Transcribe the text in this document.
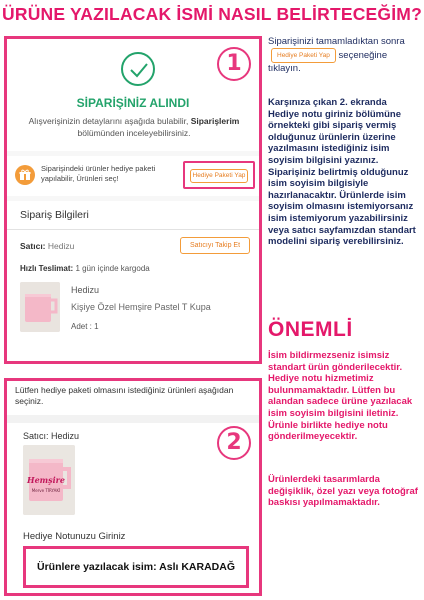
ÜRÜNE YAZILACAK İSMİ NASIL BELİRTECEĞİM?
1
SİPARİŞİNİZ ALINDI
Alışverişinizin detaylarını aşağıda bulabilir, Siparişlerim bölümünden inceleyebilirsiniz.
Siparişindeki ürünler hediye paketi yapılabilir, Ürünleri seç!	Hediye Paketi Yap
Sipariş Bilgileri
Satıcı: Hedizu	Satıcıyı Takip Et
Hızlı Teslimat: 1 gün içinde kargoda
Hedizu
Kişiye Özel Hemşire Pastel T Kupa
Adet : 1
Siparişinizi tamamladıktan sonra Hediye Paketi Yap seçeneğine tıklayın.
Karşınıza çıkan 2. ekranda Hediye notu giriniz bölümüne örnekteki gibi sipariş vermiş olduğunuz ürünlerin üzerine yazılmasını istediğiniz isim soyisim bilgisini yazınız. Siparişiniz belirtmiş olduğunuz isim soyisim bilgisiyle hazırlanacaktır. Ürünlerde isim soyisim olmasını istemiyorsanız isim istemiyorum yazabilirsiniz veya satıcı sayfamızdan standart modelini sipariş verebilirsiniz.
ÖNEMLİ
İsim bildirmezseniz isimsiz standart ürün gönderilecektir. Hediye notu hizmetimiz bulunmamaktadır. Lütfen bu alandan sadece ürüne yazılacak isim soyisim bilgisini iletiniz. Ürünle birlikte hediye notu gönderilmeyecektir.
Ürünlerdeki tasarımlarda değişiklik, özel yazı veya fotoğraf baskısı yapılmamaktadır.
Lütfen hediye paketi olmasını istediğiniz ürünleri aşağıdan seçiniz.
Satıcı: Hedizu	2
Hemşire
Merve TİRYAKİ
Hediye Notunuzu Giriniz
Ürünlere yazılacak isim: Aslı KARADAĞ
